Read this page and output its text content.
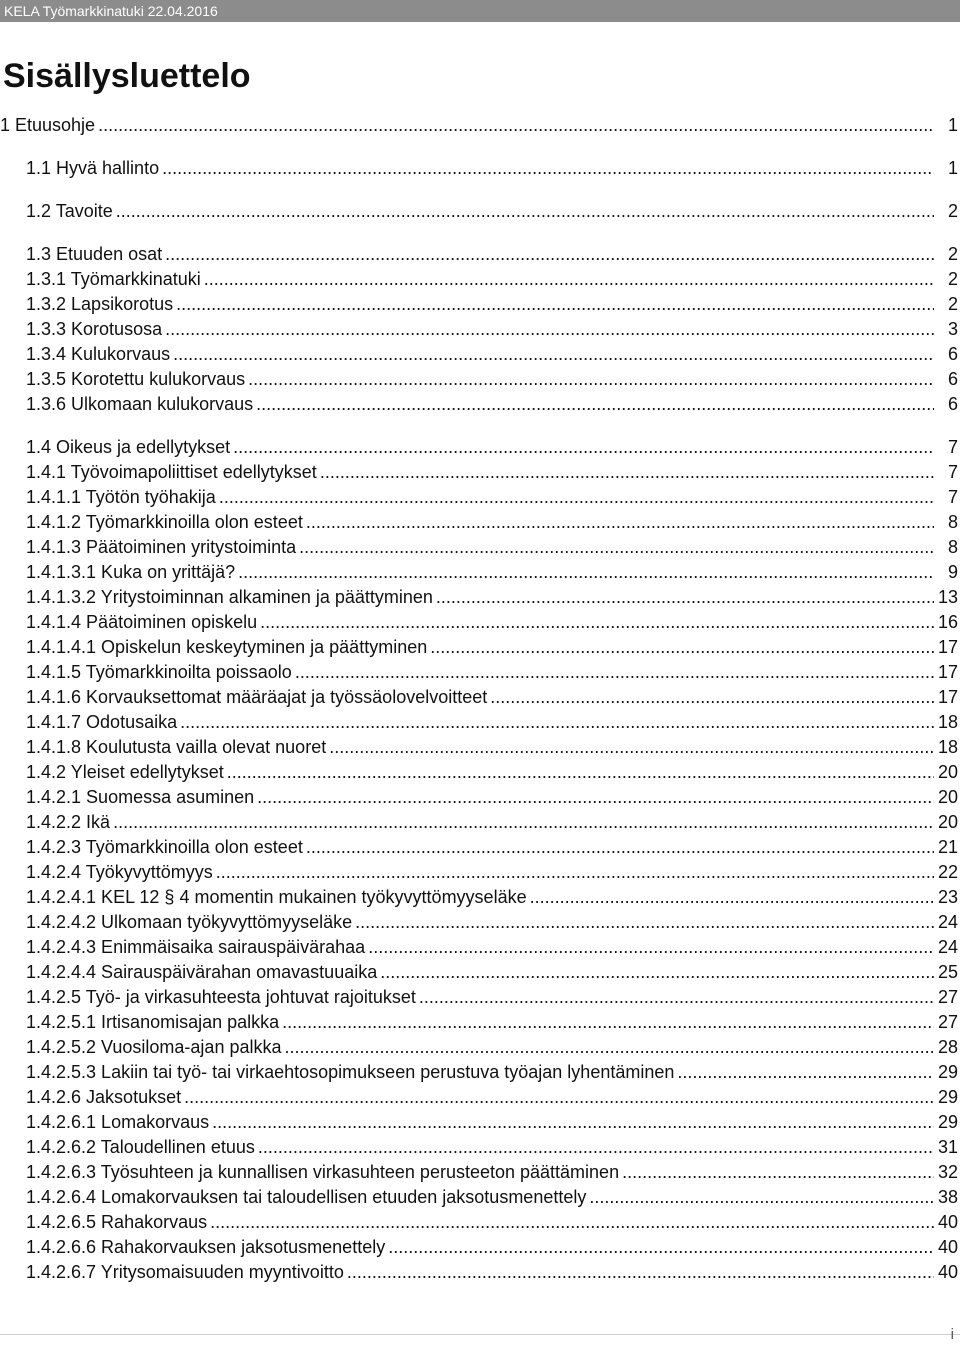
KELA Työmarkkinatuki 22.04.2016
Sisällysluettelo
1 Etuusohje .....	1
1.1 Hyvä hallinto .....	1
1.2 Tavoite .....	2
1.3 Etuuden osat .....	2
1.3.1 Työmarkkinatuki .....	2
1.3.2 Lapsikorotus .....	2
1.3.3 Korotusosa .....	3
1.3.4 Kulukorvaus .....	6
1.3.5 Korotettu kulukorvaus .....	6
1.3.6 Ulkomaan kulukorvaus .....	6
1.4 Oikeus ja edellytykset .....	7
1.4.1 Työvoimapoliittiset edellytykset .....	7
1.4.1.1 Työtön työhakija .....	7
1.4.1.2 Työmarkkinoilla olon esteet .....	8
1.4.1.3 Päätoiminen yritystoiminta .....	8
1.4.1.3.1 Kuka on yrittäjä? .....	9
1.4.1.3.2 Yritystoiminnan alkaminen ja päättyminen .....	13
1.4.1.4 Päätoiminen opiskelu .....	16
1.4.1.4.1 Opiskelun keskeytyminen ja päättyminen .....	17
1.4.1.5 Työmarkkinoilta poissaolo .....	17
1.4.1.6 Korvauksettomat määräajat ja työssäolovelvoitteet .....	17
1.4.1.7 Odotusaika .....	18
1.4.1.8 Koulutusta vailla olevat nuoret .....	18
1.4.2 Yleiset edellytykset .....	20
1.4.2.1 Suomessa asuminen .....	20
1.4.2.2 Ikä .....	20
1.4.2.3 Työmarkkinoilla olon esteet .....	21
1.4.2.4 Työkyvyttömyys .....	22
1.4.2.4.1 KEL 12 § 4 momentin mukainen työkyvyttömyyseläke .....	23
1.4.2.4.2 Ulkomaan työkyvyttömyyseläke .....	24
1.4.2.4.3 Enimmäisaika sairauspäivärahaa .....	24
1.4.2.4.4 Sairauspäivärahan omavastuuaika .....	25
1.4.2.5 Työ- ja virkasuhteesta johtuvat rajoitukset .....	27
1.4.2.5.1 Irtisanomisajan palkka .....	27
1.4.2.5.2 Vuosiloma-ajan palkka .....	28
1.4.2.5.3 Lakiin tai työ- tai virkaehtosopimukseen perustuva työajan lyhentäminen .....	29
1.4.2.6 Jaksotukset .....	29
1.4.2.6.1 Lomakorvaus .....	29
1.4.2.6.2 Taloudellinen etuus .....	31
1.4.2.6.3 Työsuhteen ja kunnallisen virkasuhteen perusteeton päättäminen .....	32
1.4.2.6.4 Lomakorvauksen tai taloudellisen etuuden jaksotusmenettely .....	38
1.4.2.6.5 Rahakorvaus .....	40
1.4.2.6.6 Rahakorvauksen jaksotusmenettely .....	40
1.4.2.6.7 Yritysomaisuuden myyntivoitto .....	40
i
